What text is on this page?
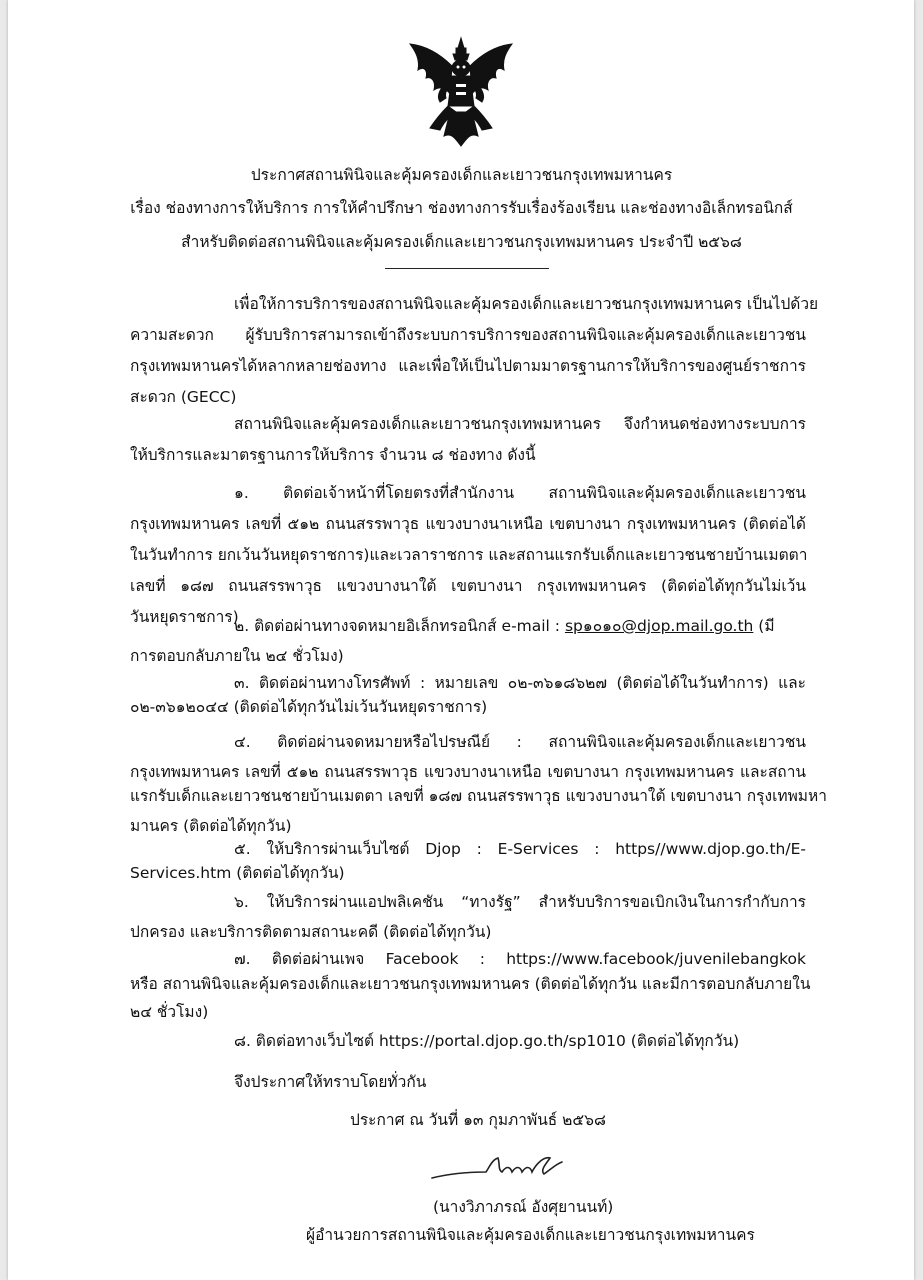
ประกาศสถานพินิจและคุ้มครองเด็กและเยาวชนกรุงเทพมหานคร
เรื่อง ช่องทางการให้บริการ การให้คำปรึกษา ช่องทางการรับเรื่องร้องเรียน และช่องทางอิเล็กทรอนิกส์
สำหรับติดต่อสถานพินิจและคุ้มครองเด็กและเยาวชนกรุงเทพมหานคร ประจำปี ๒๕๖๘
เพื่อให้การบริการของสถานพินิจและคุ้มครองเด็กและเยาวชนกรุงเทพมหานคร เป็นไปด้วย
ความสะดวก ผู้รับบริการสามารถเข้าถึงระบบการบริการของสถานพินิจและคุ้มครองเด็กและเยาวชน
กรุงเทพมหานครได้หลากหลายช่องทาง และเพื่อให้เป็นไปตามมาตรฐานการให้บริการของศูนย์ราชการ
สะดวก (GECC)
สถานพินิจและคุ้มครองเด็กและเยาวชนกรุงเทพมหานคร จึงกำหนดช่องทางระบบการ
ให้บริการและมาตรฐานการให้บริการ จำนวน ๘ ช่องทาง ดังนี้
๑. ติดต่อเจ้าหน้าที่โดยตรงที่สำนักงาน สถานพินิจและคุ้มครองเด็กและเยาวชน
กรุงเทพมหานคร เลขที่ ๕๑๒ ถนนสรรพาวุธ แขวงบางนาเหนือ เขตบางนา กรุงเทพมหานคร (ติดต่อได้
ในวันทำการ ยกเว้นวันหยุดราชการ)และเวลาราชการ และสถานแรกรับเด็กและเยาวชนชายบ้านเมตตา
เลขที่ ๑๘๗ ถนนสรรพาวุธ แขวงบางนาใต้ เขตบางนา กรุงเทพมหานคร (ติดต่อได้ทุกวันไม่เว้น
วันหยุดราชการ)
๒. ติดต่อผ่านทางจดหมายอิเล็กทรอนิกส์ e-mail : sp๑๐๑๐@djop.mail.go.th (มี
การตอบกลับภายใน ๒๔ ชั่วโมง)
๓. ติดต่อผ่านทางโทรศัพท์ : หมายเลข ๐๒-๓๖๑๘๖๒๗ (ติดต่อได้ในวันทำการ) และ
๐๒-๓๖๑๒๐๔๔ (ติดต่อได้ทุกวันไม่เว้นวันหยุดราชการ)
๔. ติดต่อผ่านจดหมายหรือไปรษณีย์ : สถานพินิจและคุ้มครองเด็กและเยาวชน
กรุงเทพมหานคร เลขที่ ๕๑๒ ถนนสรรพาวุธ แขวงบางนาเหนือ เขตบางนา กรุงเทพมหานคร และสถาน
แรกรับเด็กและเยาวชนชายบ้านเมตตา เลขที่ ๑๘๗ ถนนสรรพาวุธ แขวงบางนาใต้ เขตบางนา กรุงเทพมหา
มานคร (ติดต่อได้ทุกวัน)
๕. ให้บริการผ่านเว็บไซต์ Djop : E-Services : https//www.djop.go.th/E-
Services.htm (ติดต่อได้ทุกวัน)
๖. ให้บริการผ่านแอปพลิเคชัน “ทางรัฐ” สำหรับบริการขอเบิกเงินในการกำกับการ
ปกครอง และบริการติดตามสถานะคดี (ติดต่อได้ทุกวัน)
๗. ติดต่อผ่านเพจ Facebook : https://www.facebook/juvenilebangkok
หรือ สถานพินิจและคุ้มครองเด็กและเยาวชนกรุงเทพมหานคร (ติดต่อได้ทุกวัน และมีการตอบกลับภายใน
๒๔ ชั่วโมง)
๘. ติดต่อทางเว็บไซต์ https://portal.djop.go.th/sp1010 (ติดต่อได้ทุกวัน)
จึงประกาศให้ทราบโดยทั่วกัน
ประกาศ ณ วันที่ ๑๓ กุมภาพันธ์ ๒๕๖๘
(นางวิภาภรณ์ อังศุยานนท์)
ผู้อำนวยการสถานพินิจและคุ้มครองเด็กและเยาวชนกรุงเทพมหานคร
